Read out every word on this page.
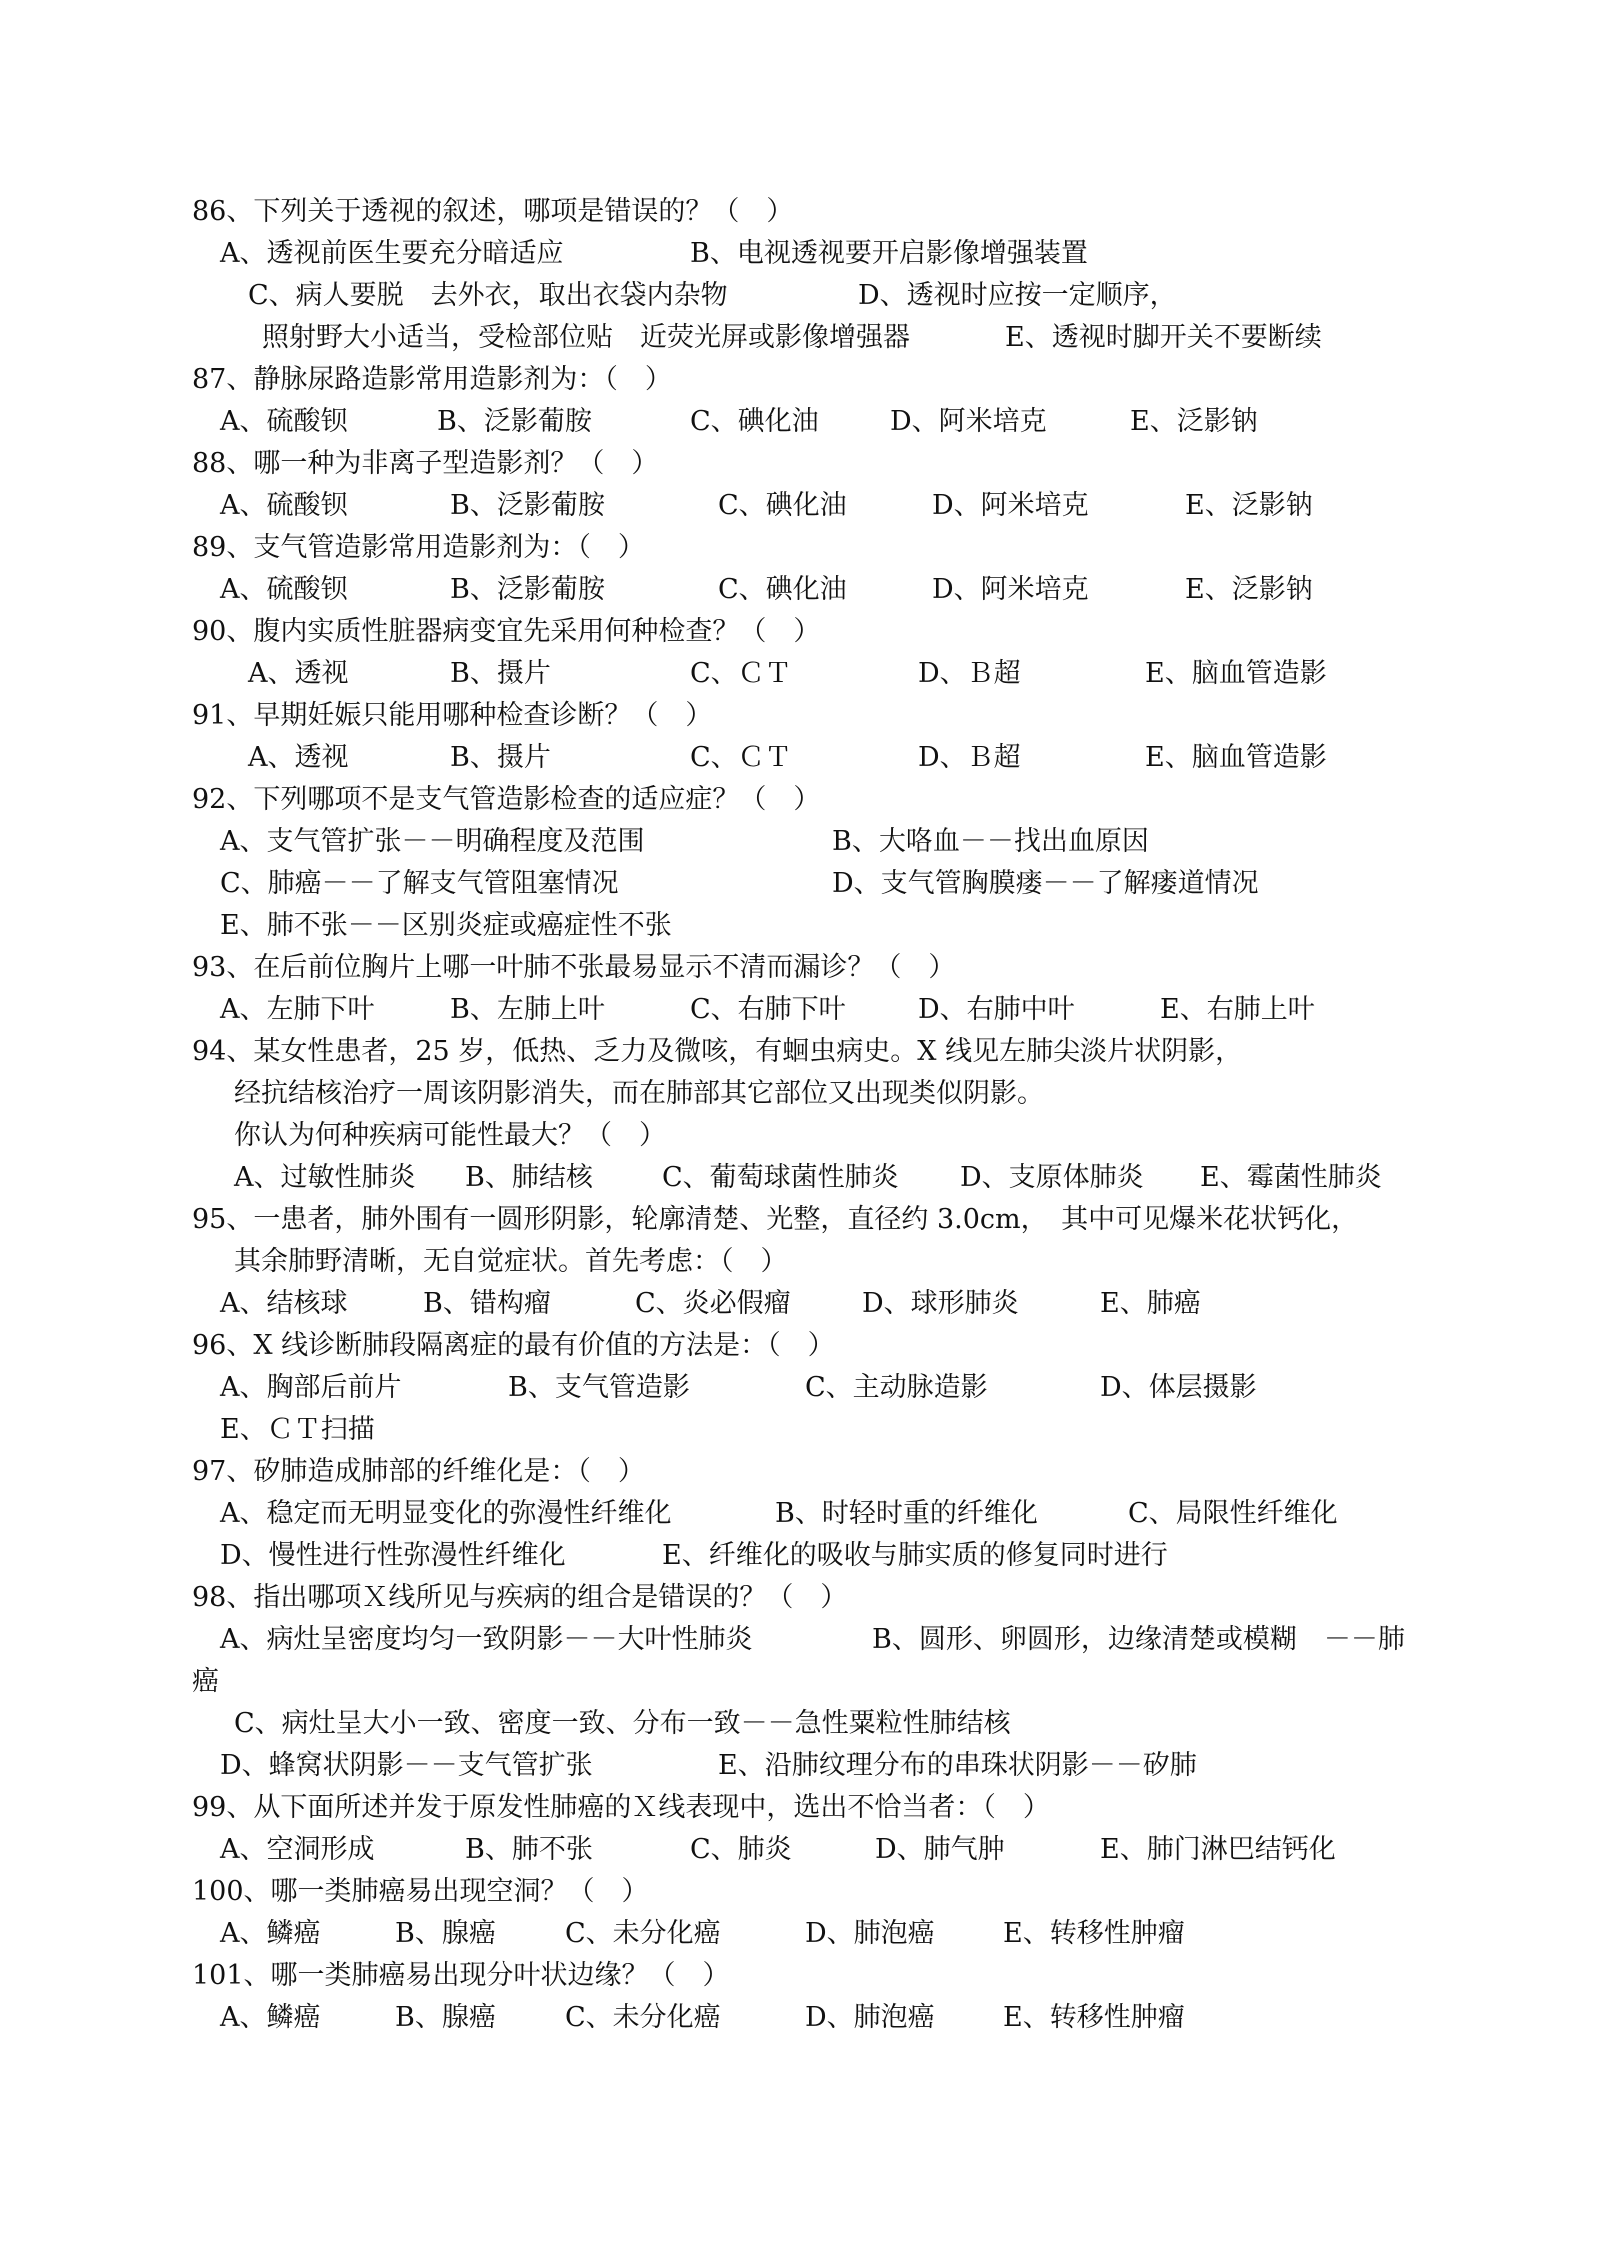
86、下列关于透视的叙述，哪项是错误的？（　）

A、透视前医生要充分暗适应

	B、电视透视要开启影像增强装置

C、病人要脱　去外衣，取出衣袋内杂物

	D、透视时应按一定顺序，

照射野大小适当，受检部位贴　近荧光屏或影像增强器

	E、透视时脚开关不要断续

87、静脉尿路造影常用造影剂为：（　）

A、硫酸钡

	B、泛影葡胺

	C、碘化油

	D、阿米培克

	E、泛影钠

88、哪一种为非离子型造影剂？（　）

A、硫酸钡

	B、泛影葡胺

	C、碘化油

	D、阿米培克

	E、泛影钠

89、支气管造影常用造影剂为：（　）

A、硫酸钡

	B、泛影葡胺

	C、碘化油

	D、阿米培克

	E、泛影钠

90、腹内实质性脏器病变宜先采用何种检查？（　）

A、透视

	B、摄片

	C、ＣＴ

	D、Ｂ超

	E、脑血管造影

91、早期妊娠只能用哪种检查诊断？（　）

A、透视

	B、摄片

	C、ＣＴ

	D、Ｂ超

	E、脑血管造影

92、下列哪项不是支气管造影检查的适应症？（　）

A、支气管扩张－－明确程度及范围

	B、大咯血－－找出血原因

C、肺癌－－了解支气管阻塞情况

	D、支气管胸膜瘘－－了解瘘道情况

E、肺不张－－区别炎症或癌症性不张

93、在后前位胸片上哪一叶肺不张最易显示不清而漏诊？（　）

A、左肺下叶

	B、左肺上叶

	C、右肺下叶

	D、右肺中叶

	E、右肺上叶

94、某女性患者，25 岁，低热、乏力及微咳，有蛔虫病史。X 线见左肺尖淡片状阴影，
经抗结核治疗一周该阴影消失，而在肺部其它部位又出现类似阴影。
你认为何种疾病可能性最大？（　）

A、过敏性肺炎

B、肺结核

	C、葡萄球菌性肺炎

D、支原体肺炎

E、霉菌性肺炎

95、一患者，肺外围有一圆形阴影，轮廓清楚、光整，直径约 3.0cm，　其中可见爆米花状钙化，
其余肺野清晰，无自觉症状。首先考虑：（　）

A、结核球

	B、错构瘤

	C、炎必假瘤

	D、球形肺炎

	E、肺癌

96、X 线诊断肺段隔离症的最有价值的方法是：（　）

A、胸部后前片

	B、支气管造影

	C、主动脉造影

	D、体层摄影

E、ＣＴ扫描

97、矽肺造成肺部的纤维化是：（　）

A、稳定而无明显变化的弥漫性纤维化

	B、时轻时重的纤维化

	C、局限性纤维化

D、慢性进行性弥漫性纤维化

	E、纤维化的吸收与肺实质的修复同时进行

98、指出哪项Ｘ线所见与疾病的组合是错误的？（　）

A、病灶呈密度均匀一致阴影－－大叶性肺炎

	B、圆形、卵圆形，边缘清楚或模糊　－－肺

癌
C、病灶呈大小一致、密度一致、分布一致－－急性粟粒性肺结核

D、蜂窝状阴影－－支气管扩张

	E、沿肺纹理分布的串珠状阴影－－矽肺

99、从下面所述并发于原发性肺癌的Ｘ线表现中，选出不恰当者：（　）

A、空洞形成

	B、肺不张

	C、肺炎

	D、肺气肿

	E、肺门淋巴结钙化

100、哪一类肺癌易出现空洞？（　）

A、鳞癌

	B、腺癌

	C、未分化癌

	D、肺泡癌

	E、转移性肿瘤

101、哪一类肺癌易出现分叶状边缘？（　）

A、鳞癌

	B、腺癌

	C、未分化癌

	D、肺泡癌

	E、转移性肿瘤
